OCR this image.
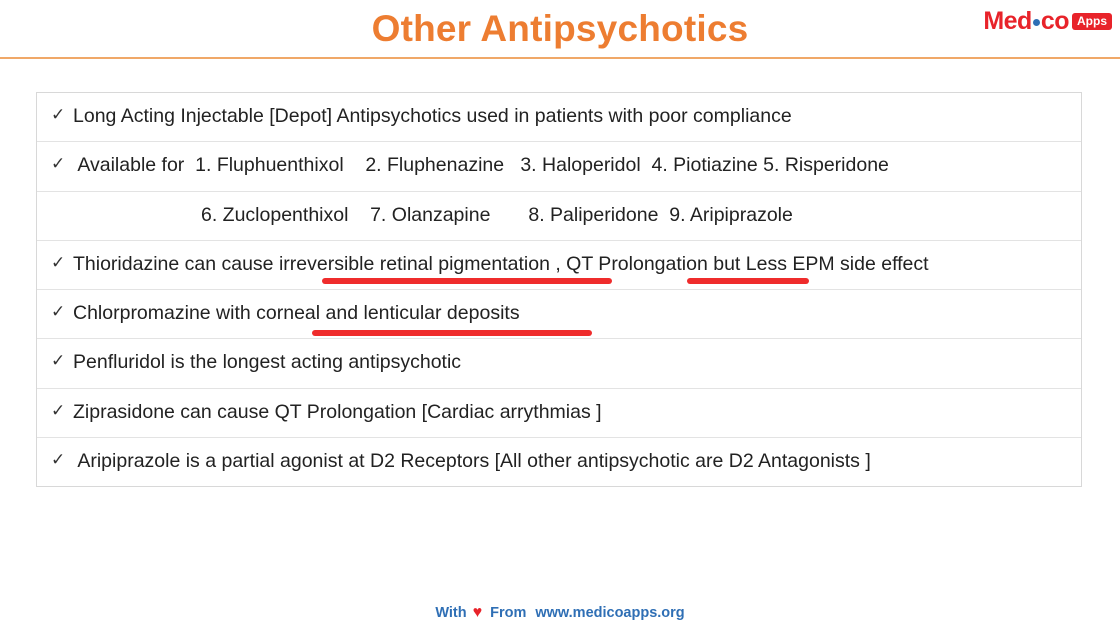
Other Antipsychotics	Med co Apps
✓ Long Acting Injectable [Depot] Antipsychotics used in patients with poor compliance
✓ Available for  1. Fluphuenthixol    2. Fluphenazine   3. Haloperidol  4. Piotiazine 5. Risperidone
6. Zuclopenthixol    7. Olanzapine       8. Paliperidone  9. Aripiprazole
✓ Thioridazine can cause irreversible retinal pigmentation , QT Prolongation but Less EPM side effect
✓ Chlorpromazine with corneal and lenticular deposits
✓ Penfluridol is the longest acting antipsychotic
✓ Ziprasidone can cause QT Prolongation [Cardiac arrythmias ]
✓ Aripiprazole is a partial agonist at D2 Receptors [All other antipsychotic are D2 Antagonists ]
With ♥ From www.medicoapps.org
